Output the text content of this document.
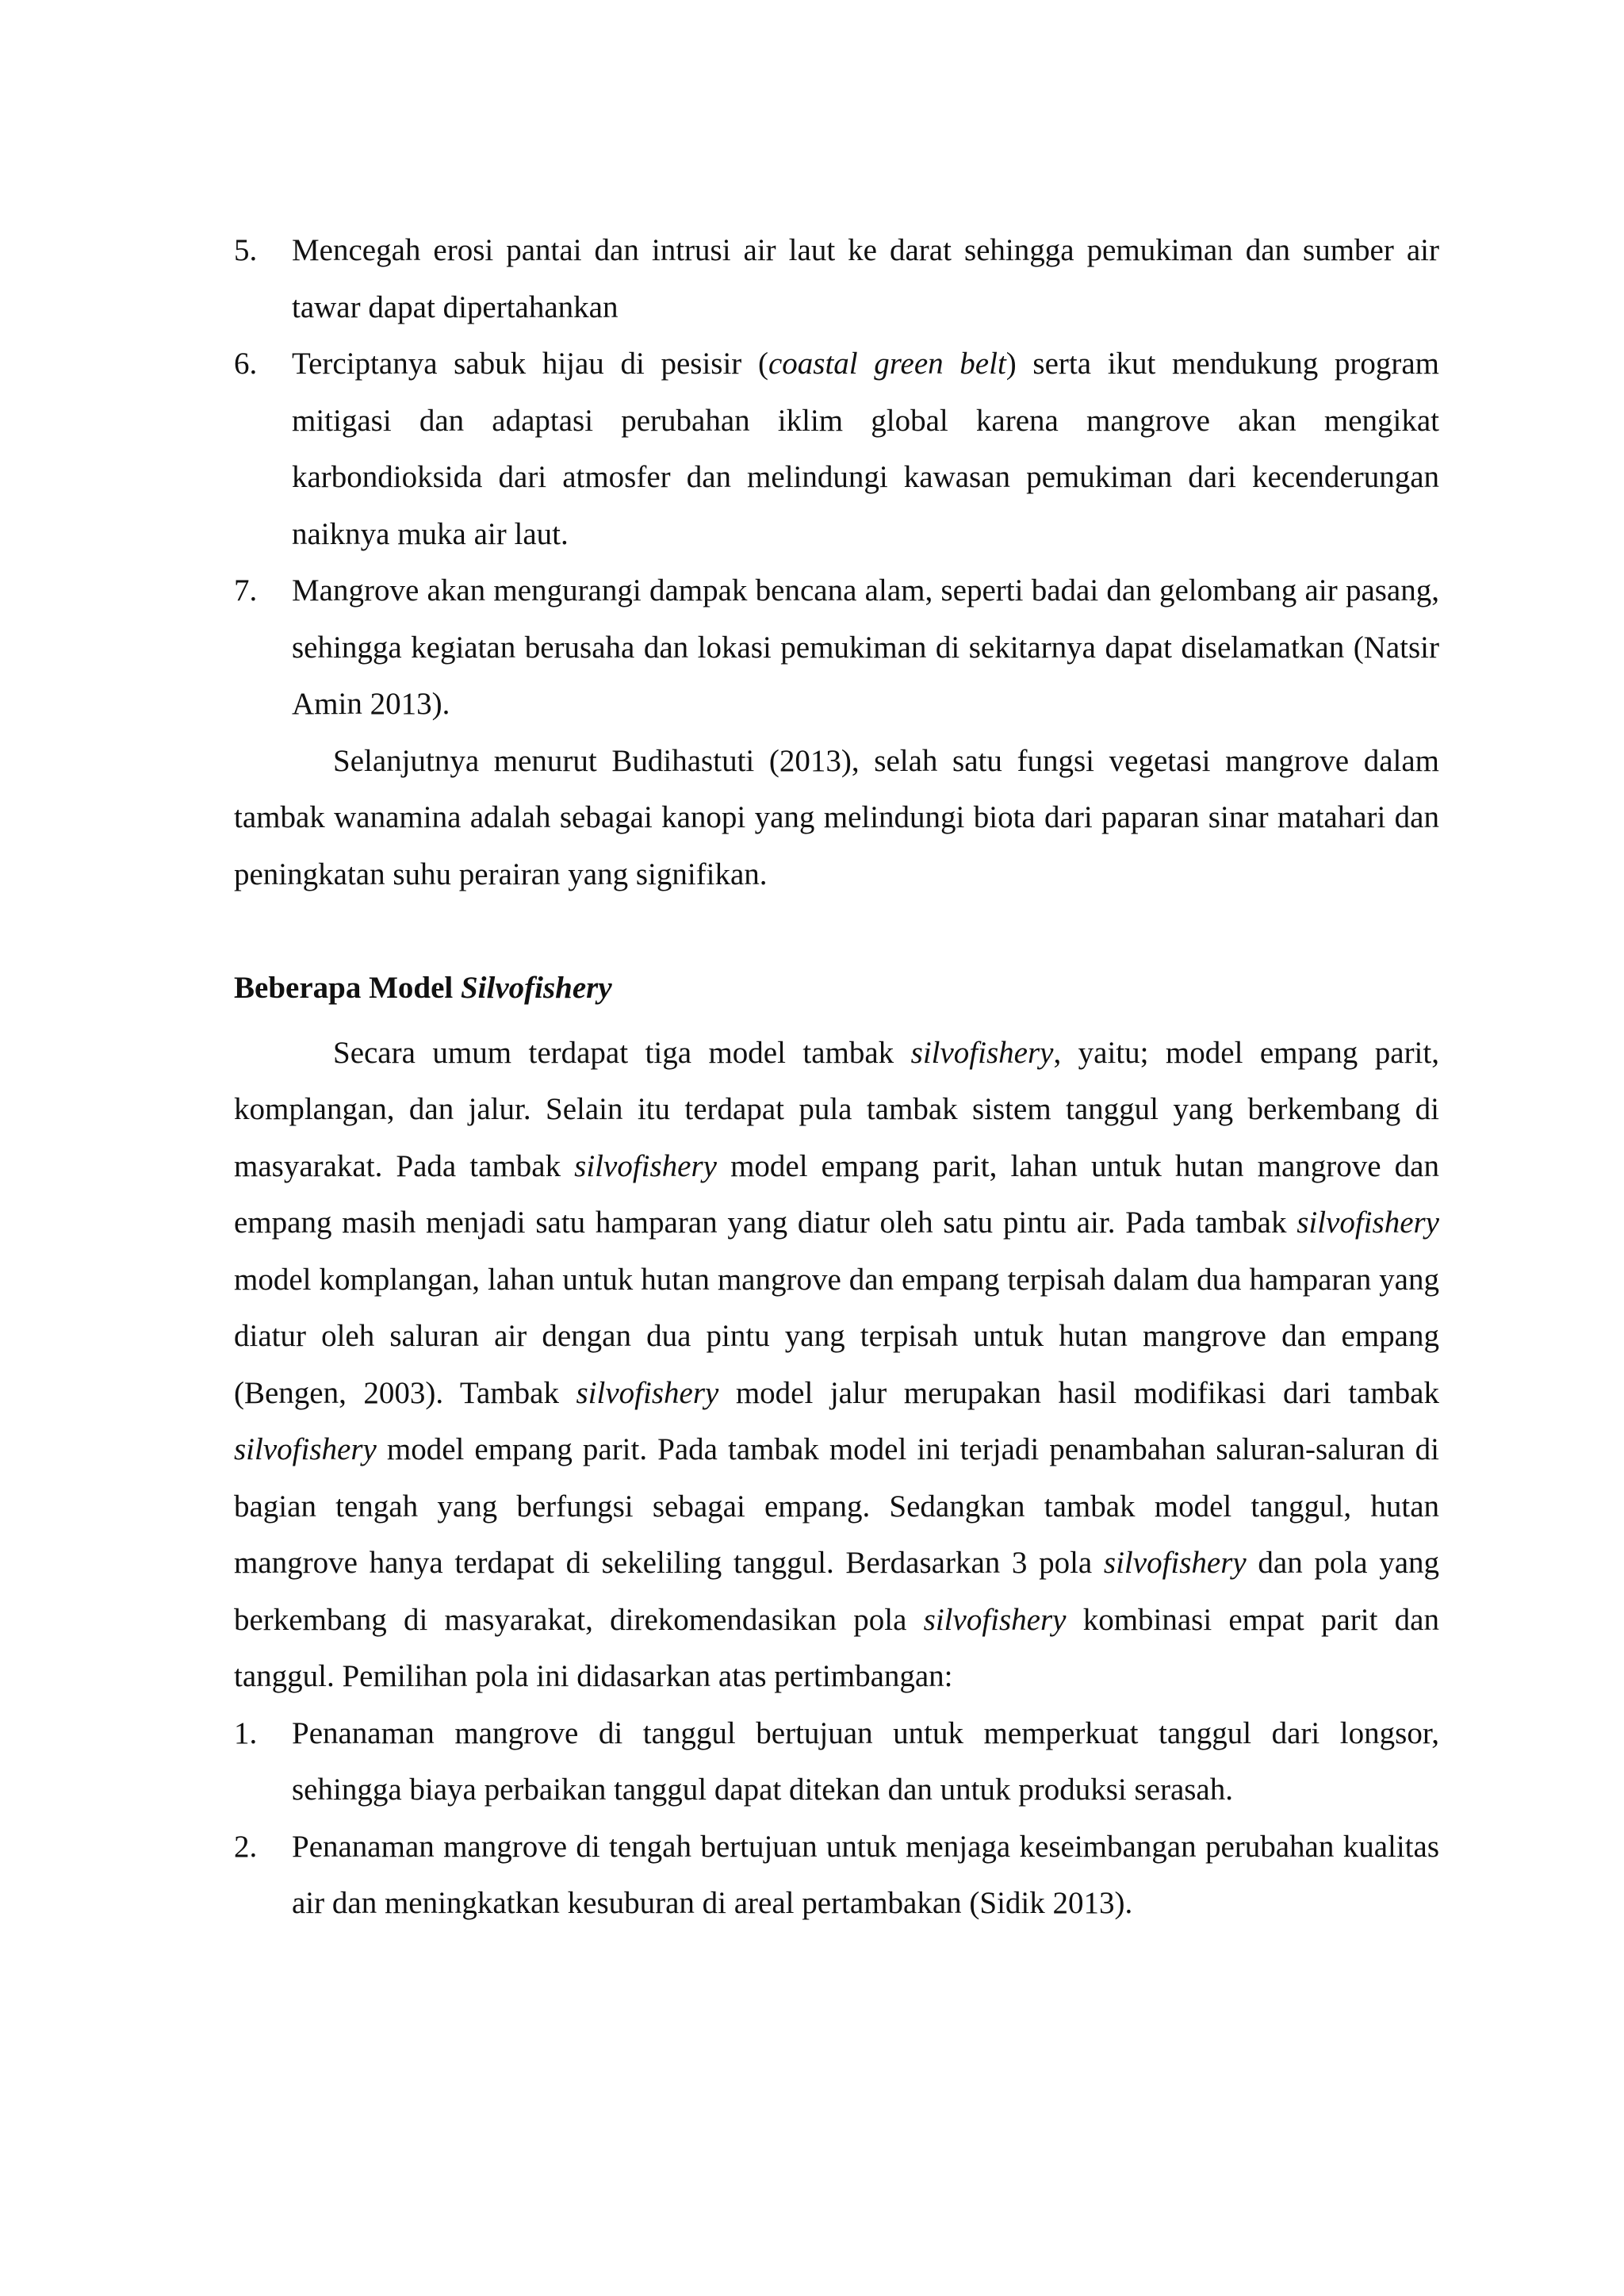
5. Mencegah erosi pantai dan intrusi air laut ke darat sehingga pemukiman dan sumber air tawar dapat dipertahankan
6. Terciptanya sabuk hijau di pesisir (coastal green belt) serta ikut mendukung program mitigasi dan adaptasi perubahan iklim global karena mangrove akan mengikat karbondioksida dari atmosfer dan melindungi kawasan pemukiman dari kecenderungan naiknya muka air laut.
7. Mangrove akan mengurangi dampak bencana alam, seperti badai dan gelombang air pasang, sehingga kegiatan berusaha dan lokasi pemukiman di sekitarnya dapat diselamatkan (Natsir Amin 2013).

Selanjutnya menurut Budihastuti (2013), selah satu fungsi vegetasi mangrove dalam tambak wanamina adalah sebagai kanopi yang melindungi biota dari paparan sinar matahari dan peningkatan suhu perairan yang signifikan.

Beberapa Model Silvofishery

Secara umum terdapat tiga model tambak silvofishery, yaitu; model empang parit, komplangan, dan jalur. Selain itu terdapat pula tambak sistem tanggul yang berkembang di masyarakat. Pada tambak silvofishery model empang parit, lahan untuk hutan mangrove dan empang masih menjadi satu hamparan yang diatur oleh satu pintu air. Pada tambak silvofishery model komplangan, lahan untuk hutan mangrove dan empang terpisah dalam dua hamparan yang diatur oleh saluran air dengan dua pintu yang terpisah untuk hutan mangrove dan empang (Bengen, 2003). Tambak silvofishery model jalur merupakan hasil modifikasi dari tambak silvofishery model empang parit. Pada tambak model ini terjadi penambahan saluran-saluran di bagian tengah yang berfungsi sebagai empang. Sedangkan tambak model tanggul, hutan mangrove hanya terdapat di sekeliling tanggul. Berdasarkan 3 pola silvofishery dan pola yang berkembang di masyarakat, direkomendasikan pola silvofishery kombinasi empat parit dan tanggul. Pemilihan pola ini didasarkan atas pertimbangan:

1. Penanaman mangrove di tanggul bertujuan untuk memperkuat tanggul dari longsor, sehingga biaya perbaikan tanggul dapat ditekan dan untuk produksi serasah.
2. Penanaman mangrove di tengah bertujuan untuk menjaga keseimbangan perubahan kualitas air dan meningkatkan kesuburan di areal pertambakan (Sidik 2013).
